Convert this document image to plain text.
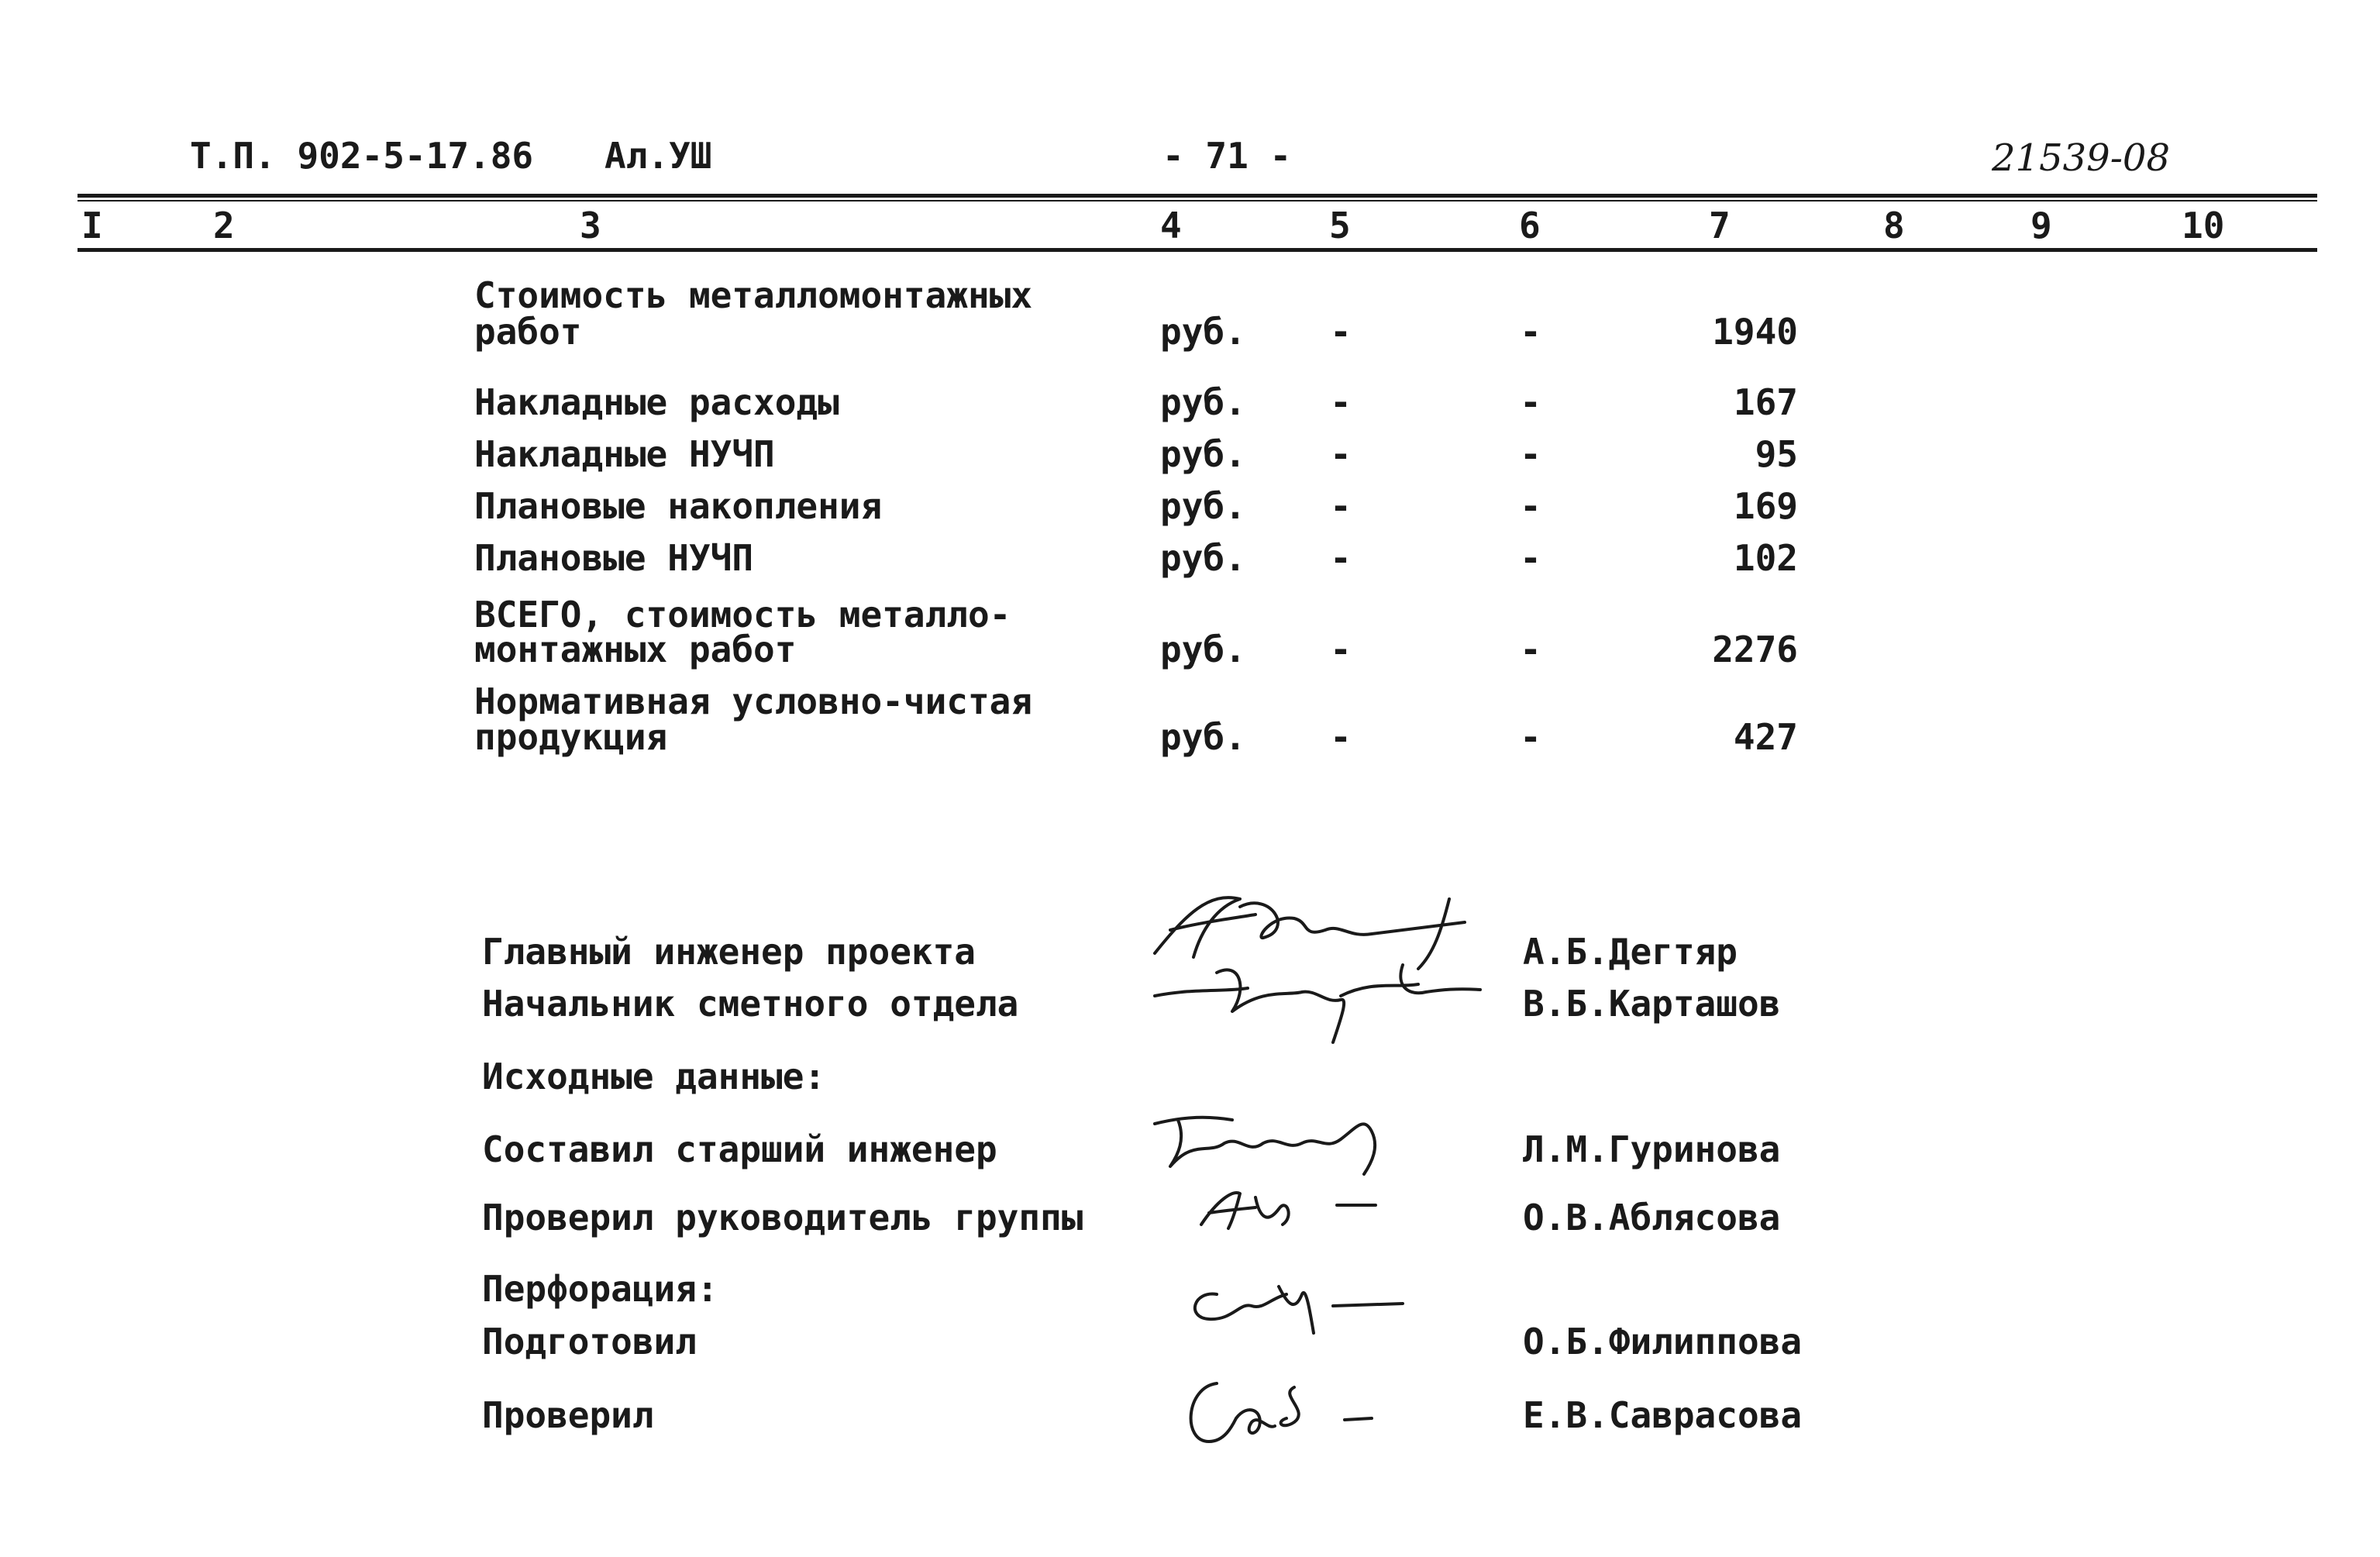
Т.П. 902-5-17.86 Ал.УШ	- 71 -	21539-08
I	2	3	4	5	6	7	8	9	10
Стоимость металломонтажных
работ	руб. -	-	1940
Накладные расходы	руб. -	-	167
Накладные НУЧП	руб. -	-	95
Плановые накопления	руб. -	-	169
Плановые НУЧП	руб. -	-	102
ВСЕГО, стоимость металло-
монтажных работ	руб. -	-	2276
Нормативная условно-чистая
продукция	руб. -	-	427
Главный инженер проекта	А.Б.Дегтяр
Начальник сметного отдела	В.Б.Карташов
Исходные данные:
Составил старший инженер	Л.М.Гуринова
Проверил руководитель группы	О.В.Аблясова
Перфорация:
Подготовил	О.Б.Филиппова
Проверил	Е.В.Саврасова
